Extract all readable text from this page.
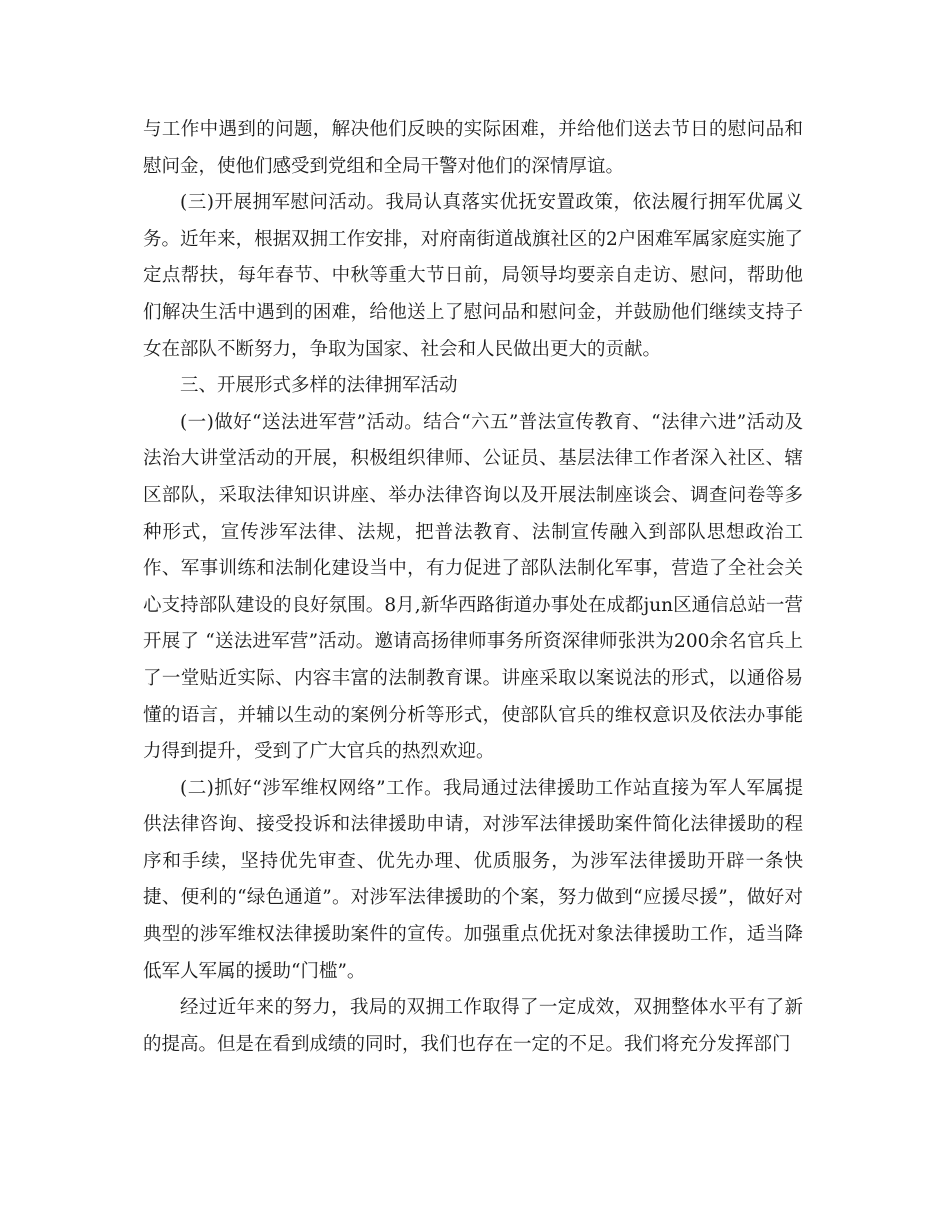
与工作中遇到的问题，解决他们反映的实际困难，并给他们送去节日的慰问品和慰问金，使他们感受到党组和全局干警对他们的深情厚谊。

(三)开展拥军慰问活动。我局认真落实优抚安置政策，依法履行拥军优属义务。近年来，根据双拥工作安排，对府南街道战旗社区的2户困难军属家庭实施了定点帮扶，每年春节、中秋等重大节日前，局领导均要亲自走访、慰问，帮助他们解决生活中遇到的困难，给他送上了慰问品和慰问金，并鼓励他们继续支持子女在部队不断努力，争取为国家、社会和人民做出更大的贡献。

三、开展形式多样的法律拥军活动

(一)做好“送法进军营”活动。结合“六五”普法宣传教育、“法律六进”活动及法治大讲堂活动的开展，积极组织律师、公证员、基层法律工作者深入社区、辖区部队，采取法律知识讲座、举办法律咨询以及开展法制座谈会、调查问卷等多种形式，宣传涉军法律、法规，把普法教育、法制宣传融入到部队思想政治工作、军事训练和法制化建设当中，有力促进了部队法制化军事，营造了全社会关心支持部队建设的良好氛围。8月,新华西路街道办事处在成都jun区通信总站一营开展了 “送法进军营”活动。邀请高扬律师事务所资深律师张洪为200余名官兵上了一堂贴近实际、内容丰富的法制教育课。讲座采取以案说法的形式，以通俗易懂的语言，并辅以生动的案例分析等形式，使部队官兵的维权意识及依法办事能力得到提升，受到了广大官兵的热烈欢迎。

(二)抓好“涉军维权网络”工作。我局通过法律援助工作站直接为军人军属提供法律咨询、接受投诉和法律援助申请，对涉军法律援助案件简化法律援助的程序和手续，坚持优先审查、优先办理、优质服务，为涉军法律援助开辟一条快捷、便利的“绿色通道”。对涉军法律援助的个案，努力做到“应援尽援”，做好对典型的涉军维权法律援助案件的宣传。加强重点优抚对象法律援助工作，适当降低军人军属的援助“门槛”。

经过近年来的努力，我局的双拥工作取得了一定成效，双拥整体水平有了新的提高。但是在看到成绩的同时，我们也存在一定的不足。我们将充分发挥部门
